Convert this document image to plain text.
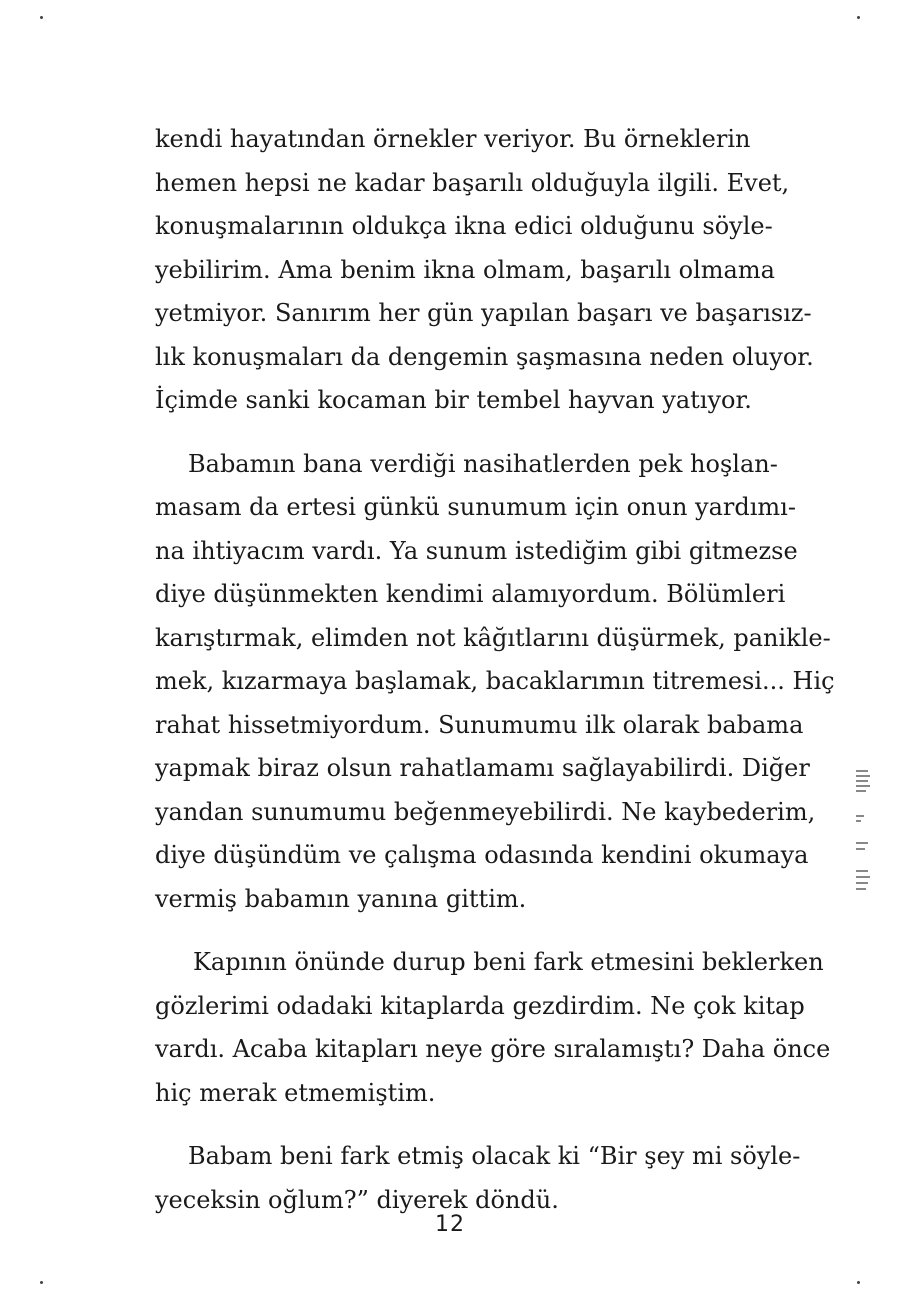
kendi hayatından örnekler veriyor. Bu örneklerin
hemen hepsi ne kadar başarılı olduğuyla ilgili. Evet,
konuşmalarının oldukça ikna edici olduğunu söyle-
yebilirim. Ama benim ikna olmam, başarılı olmama
yetmiyor. Sanırım her gün yapılan başarı ve başarısız-
lık konuşmaları da dengemin şaşmasına neden oluyor.
İçimde sanki kocaman bir tembel hayvan yatıyor.
Babamın bana verdiği nasihatlerden pek hoşlan-
masam da ertesi günkü sunumum için onun yardımı-
na ihtiyacım vardı. Ya sunum istediğim gibi gitmezse
diye düşünmekten kendimi alamıyordum. Bölümleri
karıştırmak, elimden not kâğıtlarını düşürmek, panikle-
mek, kızarmaya başlamak, bacaklarımın titremesi... Hiç
rahat hissetmiyordum. Sunumumu ilk olarak babama
yapmak biraz olsun rahatlamamı sağlayabilirdi. Diğer
yandan sunumumu beğenmeyebilirdi. Ne kaybederim,
diye düşündüm ve çalışma odasında kendini okumaya
vermiş babamın yanına gittim.
Kapının önünde durup beni fark etmesini beklerken
gözlerimi odadaki kitaplarda gezdirdim. Ne çok kitap
vardı. Acaba kitapları neye göre sıralamıştı? Daha önce
hiç merak etmemiştim.
Babam beni fark etmiş olacak ki “Bir şey mi söyle-
yeceksin oğlum?” diyerek döndü.
12
